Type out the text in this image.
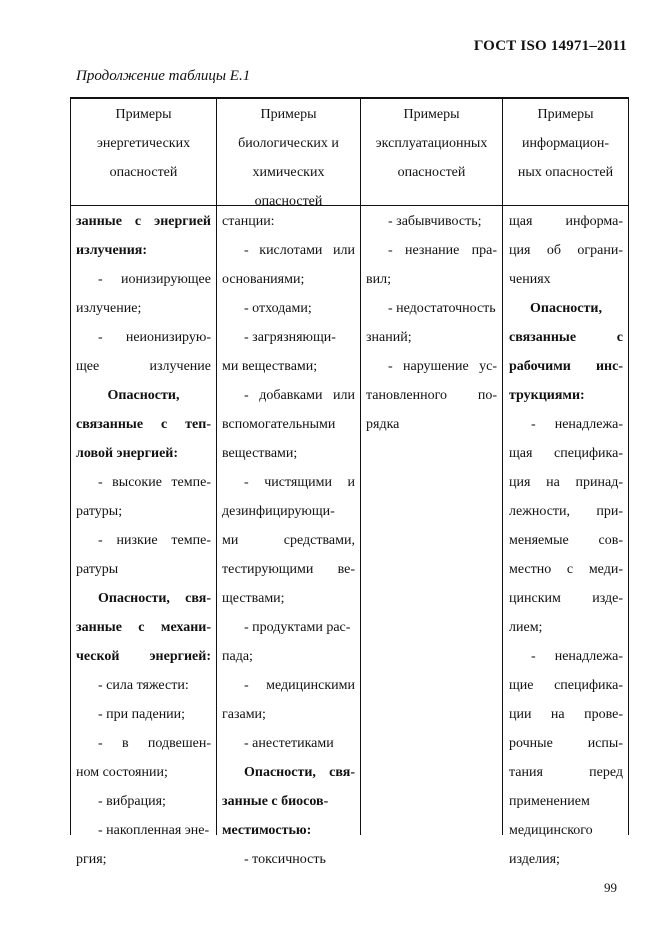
ГОСТ ISO 14971–2011
Продолжение таблицы Е.1
Примеры
энергетических
опасностей
Примеры
биологических и
химических
опасностей
Примеры
эксплуатационных
опасностей
Примеры
информацион-
ных опасностей
занные с энергией
излучения:
- ионизирующее
излучение;
- неионизирую-
щее излучение
Опасности,
связанные с теп-
ловой энергией:
- высокие темпе-
ратуры;
- низкие темпе-
ратуры
Опасности, свя-
занные с механи-
ческой энергией:
- сила тяжести:
- при падении;
- в подвешен-
ном состоянии;
- вибрация;
- накопленная эне-
ргия;
станции:
- кислотами или
основаниями;
- отходами;
- загрязняющи-
ми веществами;
- добавками или
вспомогательными
веществами;
- чистящими и
дезинфицирующи-
ми средствами,
тестирующими ве-
ществами;
- продуктами рас-
пада;
- медицинскими
газами;
- анестетиками
Опасности, свя-
занные с биосов-
местимостью:
- токсичность
- забывчивость;
- незнание пра-
вил;
- недостаточность
знаний;
- нарушение ус-
тановленного по-
рядка
щая информа-
ция об ограни-
чениях
Опасности,
связанные с
рабочими инс-
трукциями:
- ненадлежа-
щая специфика-
ция на принад-
лежности, при-
меняемые сов-
местно с меди-
цинским изде-
лием;
- ненадлежа-
щие специфика-
ции на прове-
рочные испы-
тания перед
применением
медицинского
изделия;
99
